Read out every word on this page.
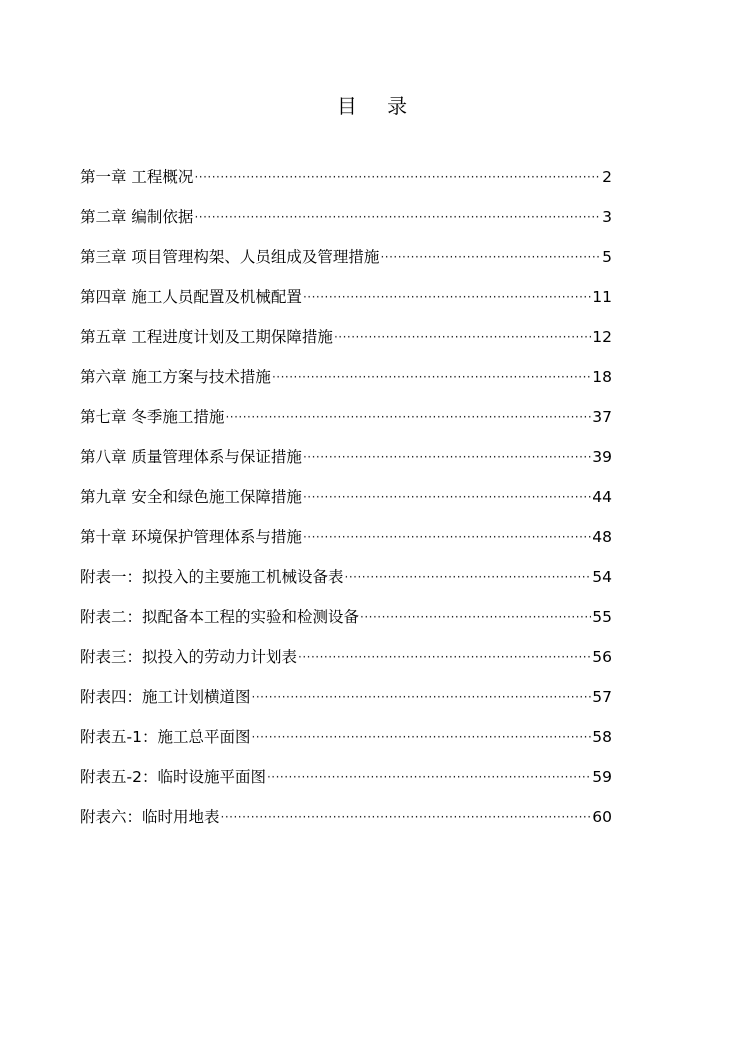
目 录
第一章 工程概况 ·····	2
第二章 编制依据 ·····	3
第三章 项目管理构架、人员组成及管理措施 ·····	5
第四章 施工人员配置及机械配置 ·····	11
第五章 工程进度计划及工期保障措施 ·····	12
第六章 施工方案与技术措施 ·····	18
第七章 冬季施工措施 ·····	37
第八章 质量管理体系与保证措施 ·····	39
第九章 安全和绿色施工保障措施 ·····	44
第十章 环境保护管理体系与措施 ·····	48
附表一：拟投入的主要施工机械设备表 ·····	54
附表二：拟配备本工程的实验和检测设备 ·····	55
附表三：拟投入的劳动力计划表 ·····	56
附表四：施工计划横道图 ·····	57
附表五-1：施工总平面图 ·····	58
附表五-2：临时设施平面图 ·····	59
附表六：临时用地表 ·····	60
